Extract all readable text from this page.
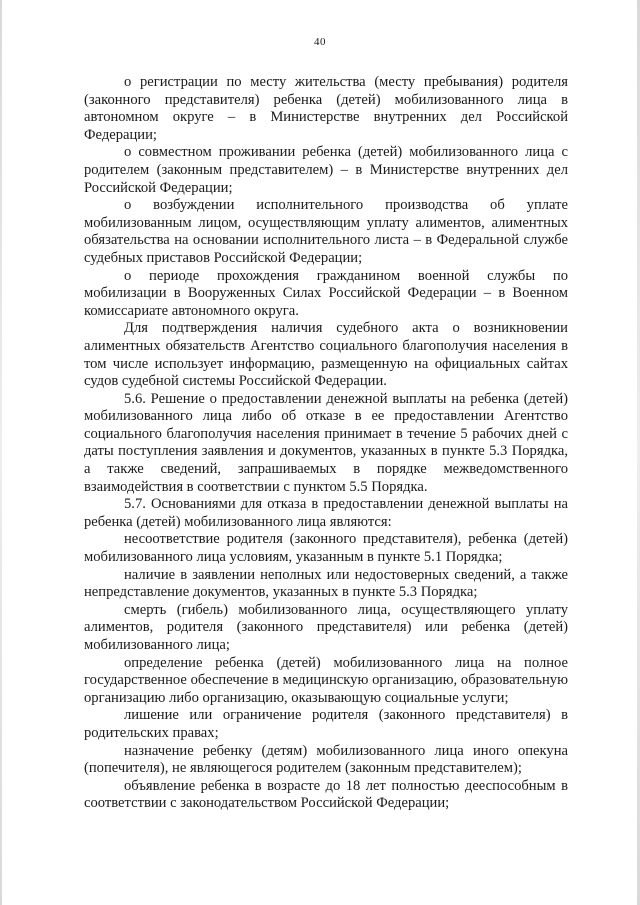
40

о регистрации по месту жительства (месту пребывания) родителя (законного представителя) ребенка (детей) мобилизованного лица в автономном округе – в Министерстве внутренних дел Российской Федерации;

о совместном проживании ребенка (детей) мобилизованного лица с родителем (законным представителем) – в Министерстве внутренних дел Российской Федерации;

о возбуждении исполнительного производства об уплате мобилизованным лицом, осуществляющим уплату алиментов, алиментных обязательства на основании исполнительного листа – в Федеральной службе судебных приставов Российской Федерации;

о периоде прохождения гражданином военной службы по мобилизации в Вооруженных Силах Российской Федерации – в Военном комиссариате автономного округа.

Для подтверждения наличия судебного акта о возникновении алиментных обязательств Агентство социального благополучия населения в том числе использует информацию, размещенную на официальных сайтах судов судебной системы Российской Федерации.

5.6. Решение о предоставлении денежной выплаты на ребенка (детей) мобилизованного лица либо об отказе в ее предоставлении Агентство социального благополучия населения принимает в течение 5 рабочих дней с даты поступления заявления и документов, указанных в пункте 5.3 Порядка, а также сведений, запрашиваемых в порядке межведомственного взаимодействия в соответствии с пунктом 5.5 Порядка.

5.7. Основаниями для отказа в предоставлении денежной выплаты на ребенка (детей) мобилизованного лица являются:

несоответствие родителя (законного представителя), ребенка (детей) мобилизованного лица условиям, указанным в пункте 5.1 Порядка;

наличие в заявлении неполных или недостоверных сведений, а также непредставление документов, указанных в пункте 5.3 Порядка;

смерть (гибель) мобилизованного лица, осуществляющего уплату алиментов, родителя (законного представителя) или ребенка (детей) мобилизованного лица;

определение ребенка (детей) мобилизованного лица на полное государственное обеспечение в медицинскую организацию, образовательную организацию либо организацию, оказывающую социальные услуги;

лишение или ограничение родителя (законного представителя) в родительских правах;

назначение ребенку (детям) мобилизованного лица иного опекуна (попечителя), не являющегося родителем (законным представителем);

объявление ребенка в возрасте до 18 лет полностью дееспособным в соответствии с законодательством Российской Федерации;
